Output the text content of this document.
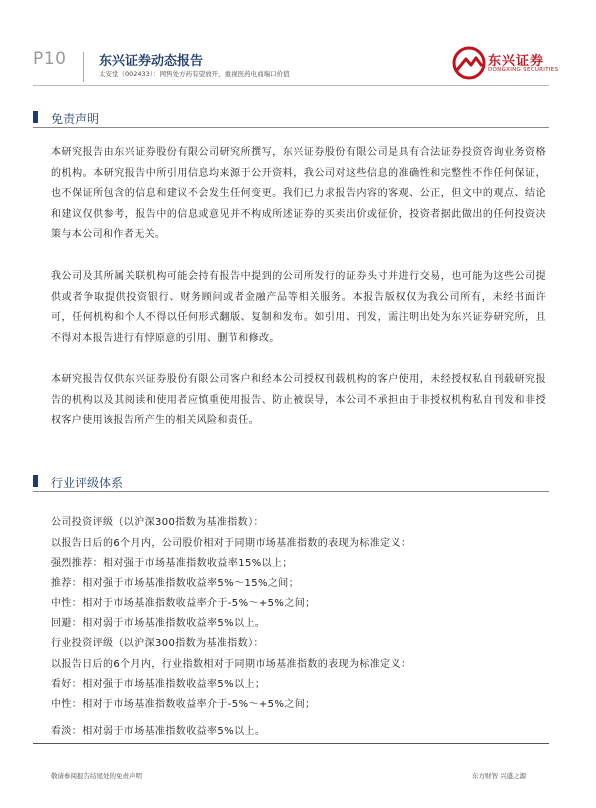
P10	东兴证券动态报告
太安堂（002433）：网售处方药有望放开，重视医药电商端口价值
东兴证券
DONGXING SECURITIES
免责声明
本研究报告由东兴证券股份有限公司研究所撰写，东兴证券股份有限公司是具有合法证券投资咨询业务资格的机构。本研究报告中所引用信息均来源于公开资料，我公司对这些信息的准确性和完整性不作任何保证，也不保证所包含的信息和建议不会发生任何变更。我们已力求报告内容的客观、公正，但文中的观点、结论和建议仅供参考，报告中的信息或意见并不构成所述证券的买卖出价或征价，投资者据此做出的任何投资决策与本公司和作者无关。
我公司及其所属关联机构可能会持有报告中提到的公司所发行的证券头寸并进行交易，也可能为这些公司提供或者争取提供投资银行、财务顾问或者金融产品等相关服务。本报告版权仅为我公司所有，未经书面许可，任何机构和个人不得以任何形式翻版、复制和发布。如引用、刊发，需注明出处为东兴证券研究所，且不得对本报告进行有悖原意的引用、删节和修改。
本研究报告仅供东兴证券股份有限公司客户和经本公司授权刊载机构的客户使用，未经授权私自刊载研究报告的机构以及其阅读和使用者应慎重使用报告、防止被误导，本公司不承担由于非授权机构私自刊发和非授权客户使用该报告所产生的相关风险和责任。
行业评级体系
公司投资评级（以沪深300指数为基准指数）：
以报告日后的6个月内，公司股价相对于同期市场基准指数的表现为标准定义：
强烈推荐：相对强于市场基准指数收益率15%以上；
推荐：相对强于市场基准指数收益率5%～15%之间；
中性：相对于市场基准指数收益率介于-5%～+5%之间；
回避：相对弱于市场基准指数收益率5%以上。
行业投资评级（以沪深300指数为基准指数）：
以报告日后的6个月内，行业指数相对于同期市场基准指数的表现为标准定义：
看好：相对强于市场基准指数收益率5%以上；
中性：相对于市场基准指数收益率介于-5%～+5%之间；
看淡：相对弱于市场基准指数收益率5%以上。
敬请参阅报告结尾处的免责声明	东方财智 兴盛之源
